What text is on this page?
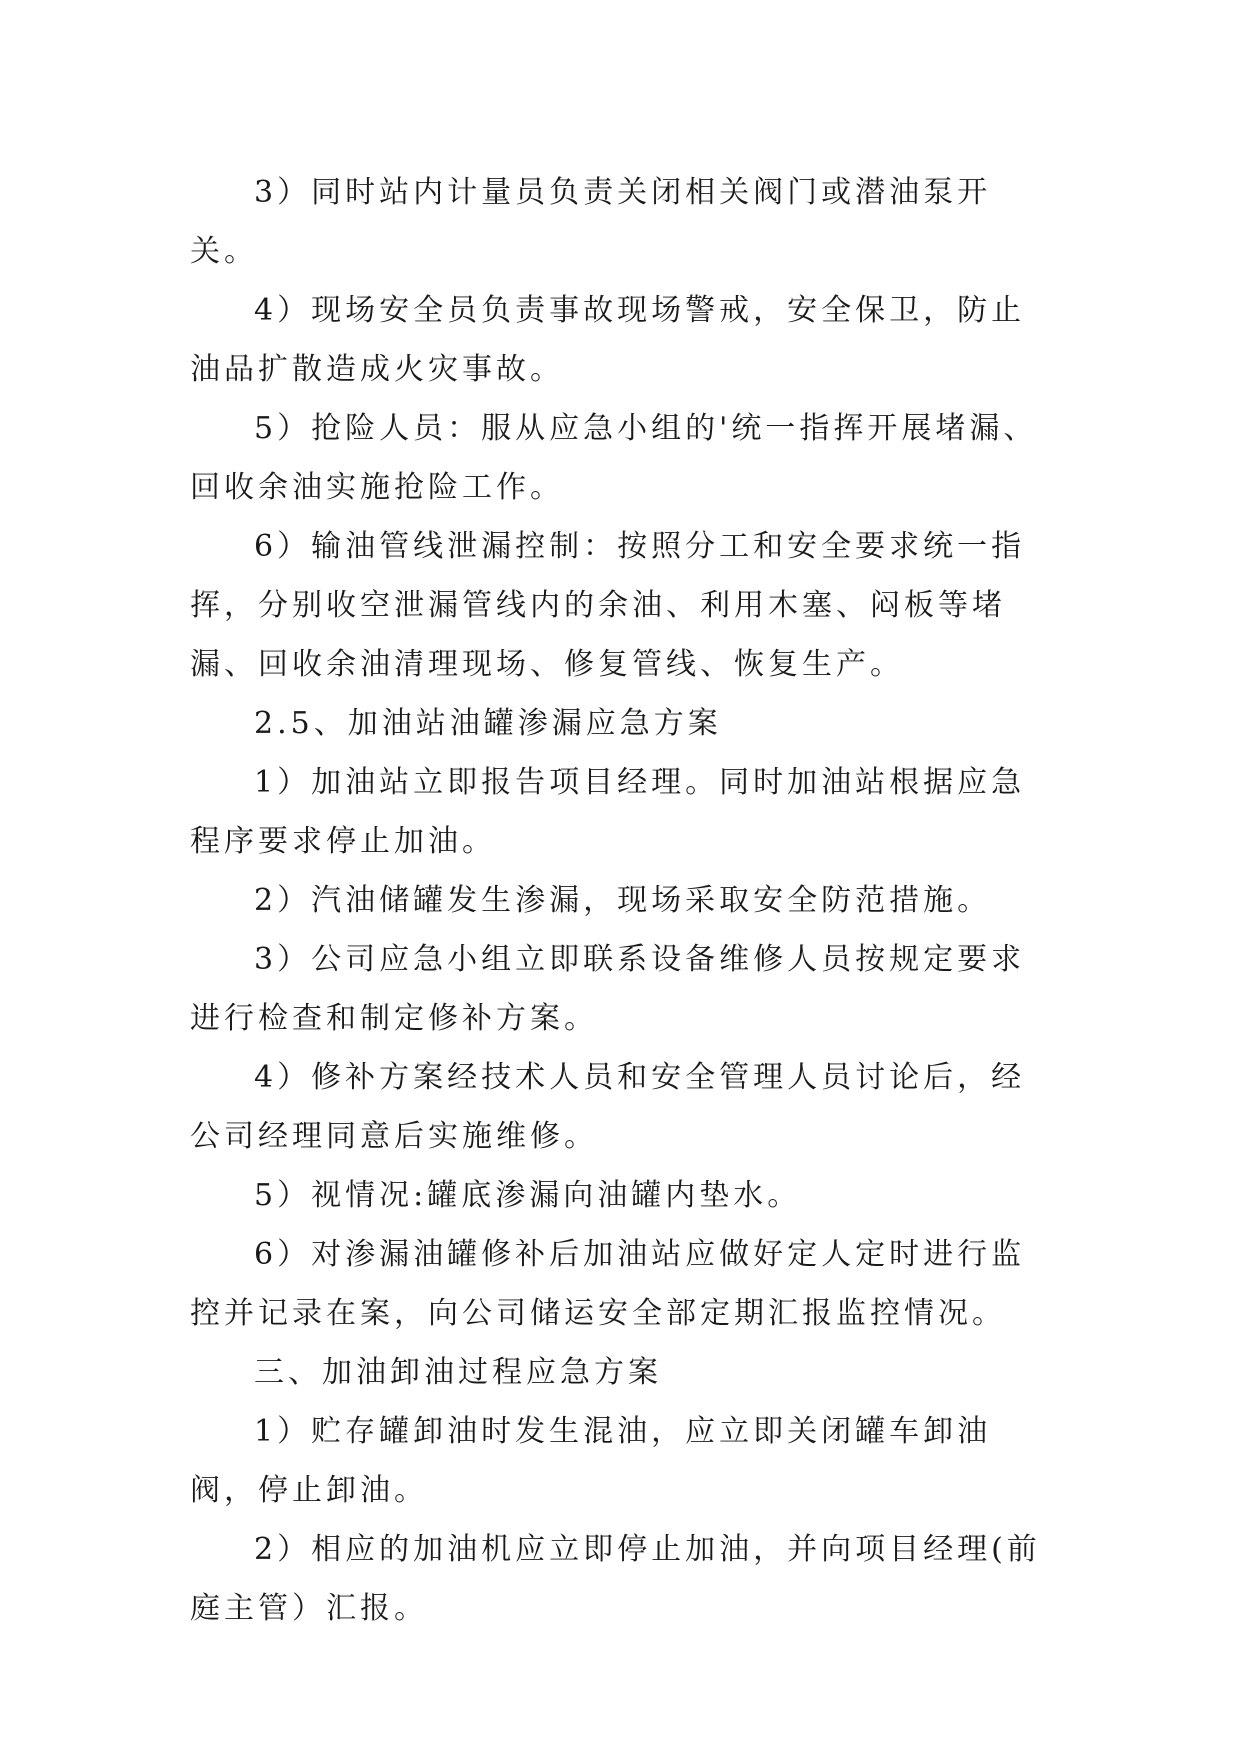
3）同时站内计量员负责关闭相关阀门或潜油泵开关。

4）现场安全员负责事故现场警戒，安全保卫，防止油品扩散造成火灾事故。

5）抢险人员：服从应急小组的'统一指挥开展堵漏、回收余油实施抢险工作。

6）输油管线泄漏控制：按照分工和安全要求统一指挥，分别收空泄漏管线内的余油、利用木塞、闷板等堵漏、回收余油清理现场、修复管线、恢复生产。

2.5、加油站油罐渗漏应急方案

1）加油站立即报告项目经理。同时加油站根据应急程序要求停止加油。

2）汽油储罐发生渗漏，现场采取安全防范措施。

3）公司应急小组立即联系设备维修人员按规定要求进行检查和制定修补方案。

4）修补方案经技术人员和安全管理人员讨论后，经公司经理同意后实施维修。

5）视情况:罐底渗漏向油罐内垫水。

6）对渗漏油罐修补后加油站应做好定人定时进行监控并记录在案，向公司储运安全部定期汇报监控情况。

三、加油卸油过程应急方案

1）贮存罐卸油时发生混油，应立即关闭罐车卸油阀，停止卸油。

2）相应的加油机应立即停止加油，并向项目经理(前庭主管）汇报。
